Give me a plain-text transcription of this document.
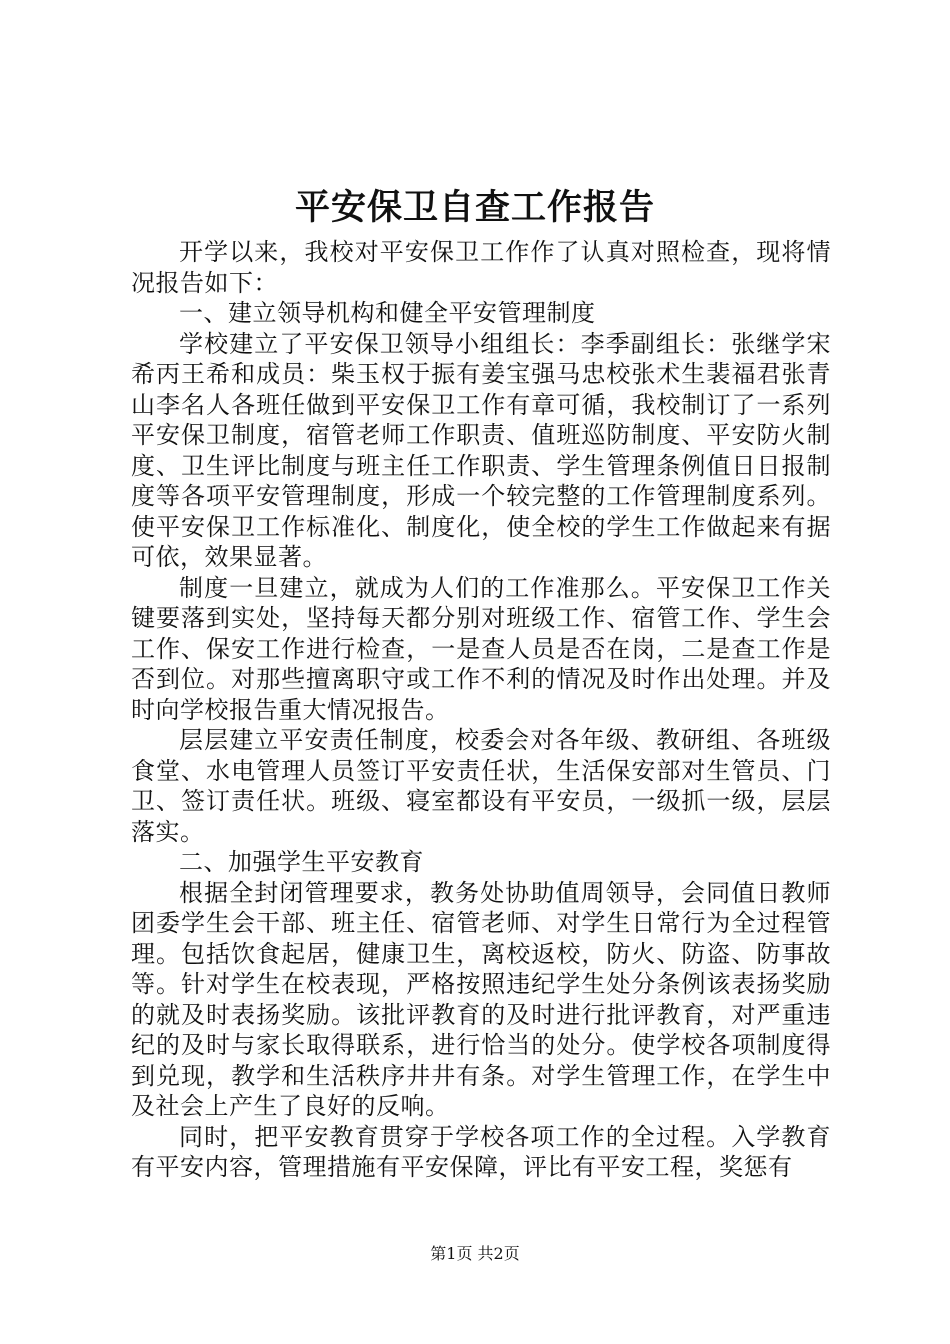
平安保卫自查工作报告

开学以来，我校对平安保卫工作作了认真对照检查，现将情况报告如下：

一、建立领导机构和健全平安管理制度

学校建立了平安保卫领导小组组长：李季副组长：张继学宋希丙王希和成员：柴玉权于振有姜宝强马忠校张术生裴福君张青山李名人各班任做到平安保卫工作有章可循，我校制订了一系列平安保卫制度，宿管老师工作职责、值班巡防制度、平安防火制度、卫生评比制度与班主任工作职责、学生管理条例值日日报制度等各项平安管理制度，形成一个较完整的工作管理制度系列。使平安保卫工作标准化、制度化，使全校的学生工作做起来有据可依，效果显著。

制度一旦建立，就成为人们的工作准那么。平安保卫工作关键要落到实处，坚持每天都分别对班级工作、宿管工作、学生会工作、保安工作进行检查，一是查人员是否在岗，二是查工作是否到位。对那些擅离职守或工作不利的情况及时作出处理。并及时向学校报告重大情况报告。

层层建立平安责任制度，校委会对各年级、教研组、各班级食堂、水电管理人员签订平安责任状，生活保安部对生管员、门卫、签订责任状。班级、寝室都设有平安员，一级抓一级，层层落实。

二、加强学生平安教育

根据全封闭管理要求，教务处协助值周领导，会同值日教师团委学生会干部、班主任、宿管老师、对学生日常行为全过程管理。包括饮食起居，健康卫生，离校返校，防火、防盗、防事故等。针对学生在校表现，严格按照违纪学生处分条例该表扬奖励的就及时表扬奖励。该批评教育的及时进行批评教育，对严重违纪的及时与家长取得联系，进行恰当的处分。使学校各项制度得到兑现，教学和生活秩序井井有条。对学生管理工作，在学生中及社会上产生了良好的反响。

同时，把平安教育贯穿于学校各项工作的全过程。入学教育有平安内容，管理措施有平安保障，评比有平安工程，奖惩有

第1页 共2页
